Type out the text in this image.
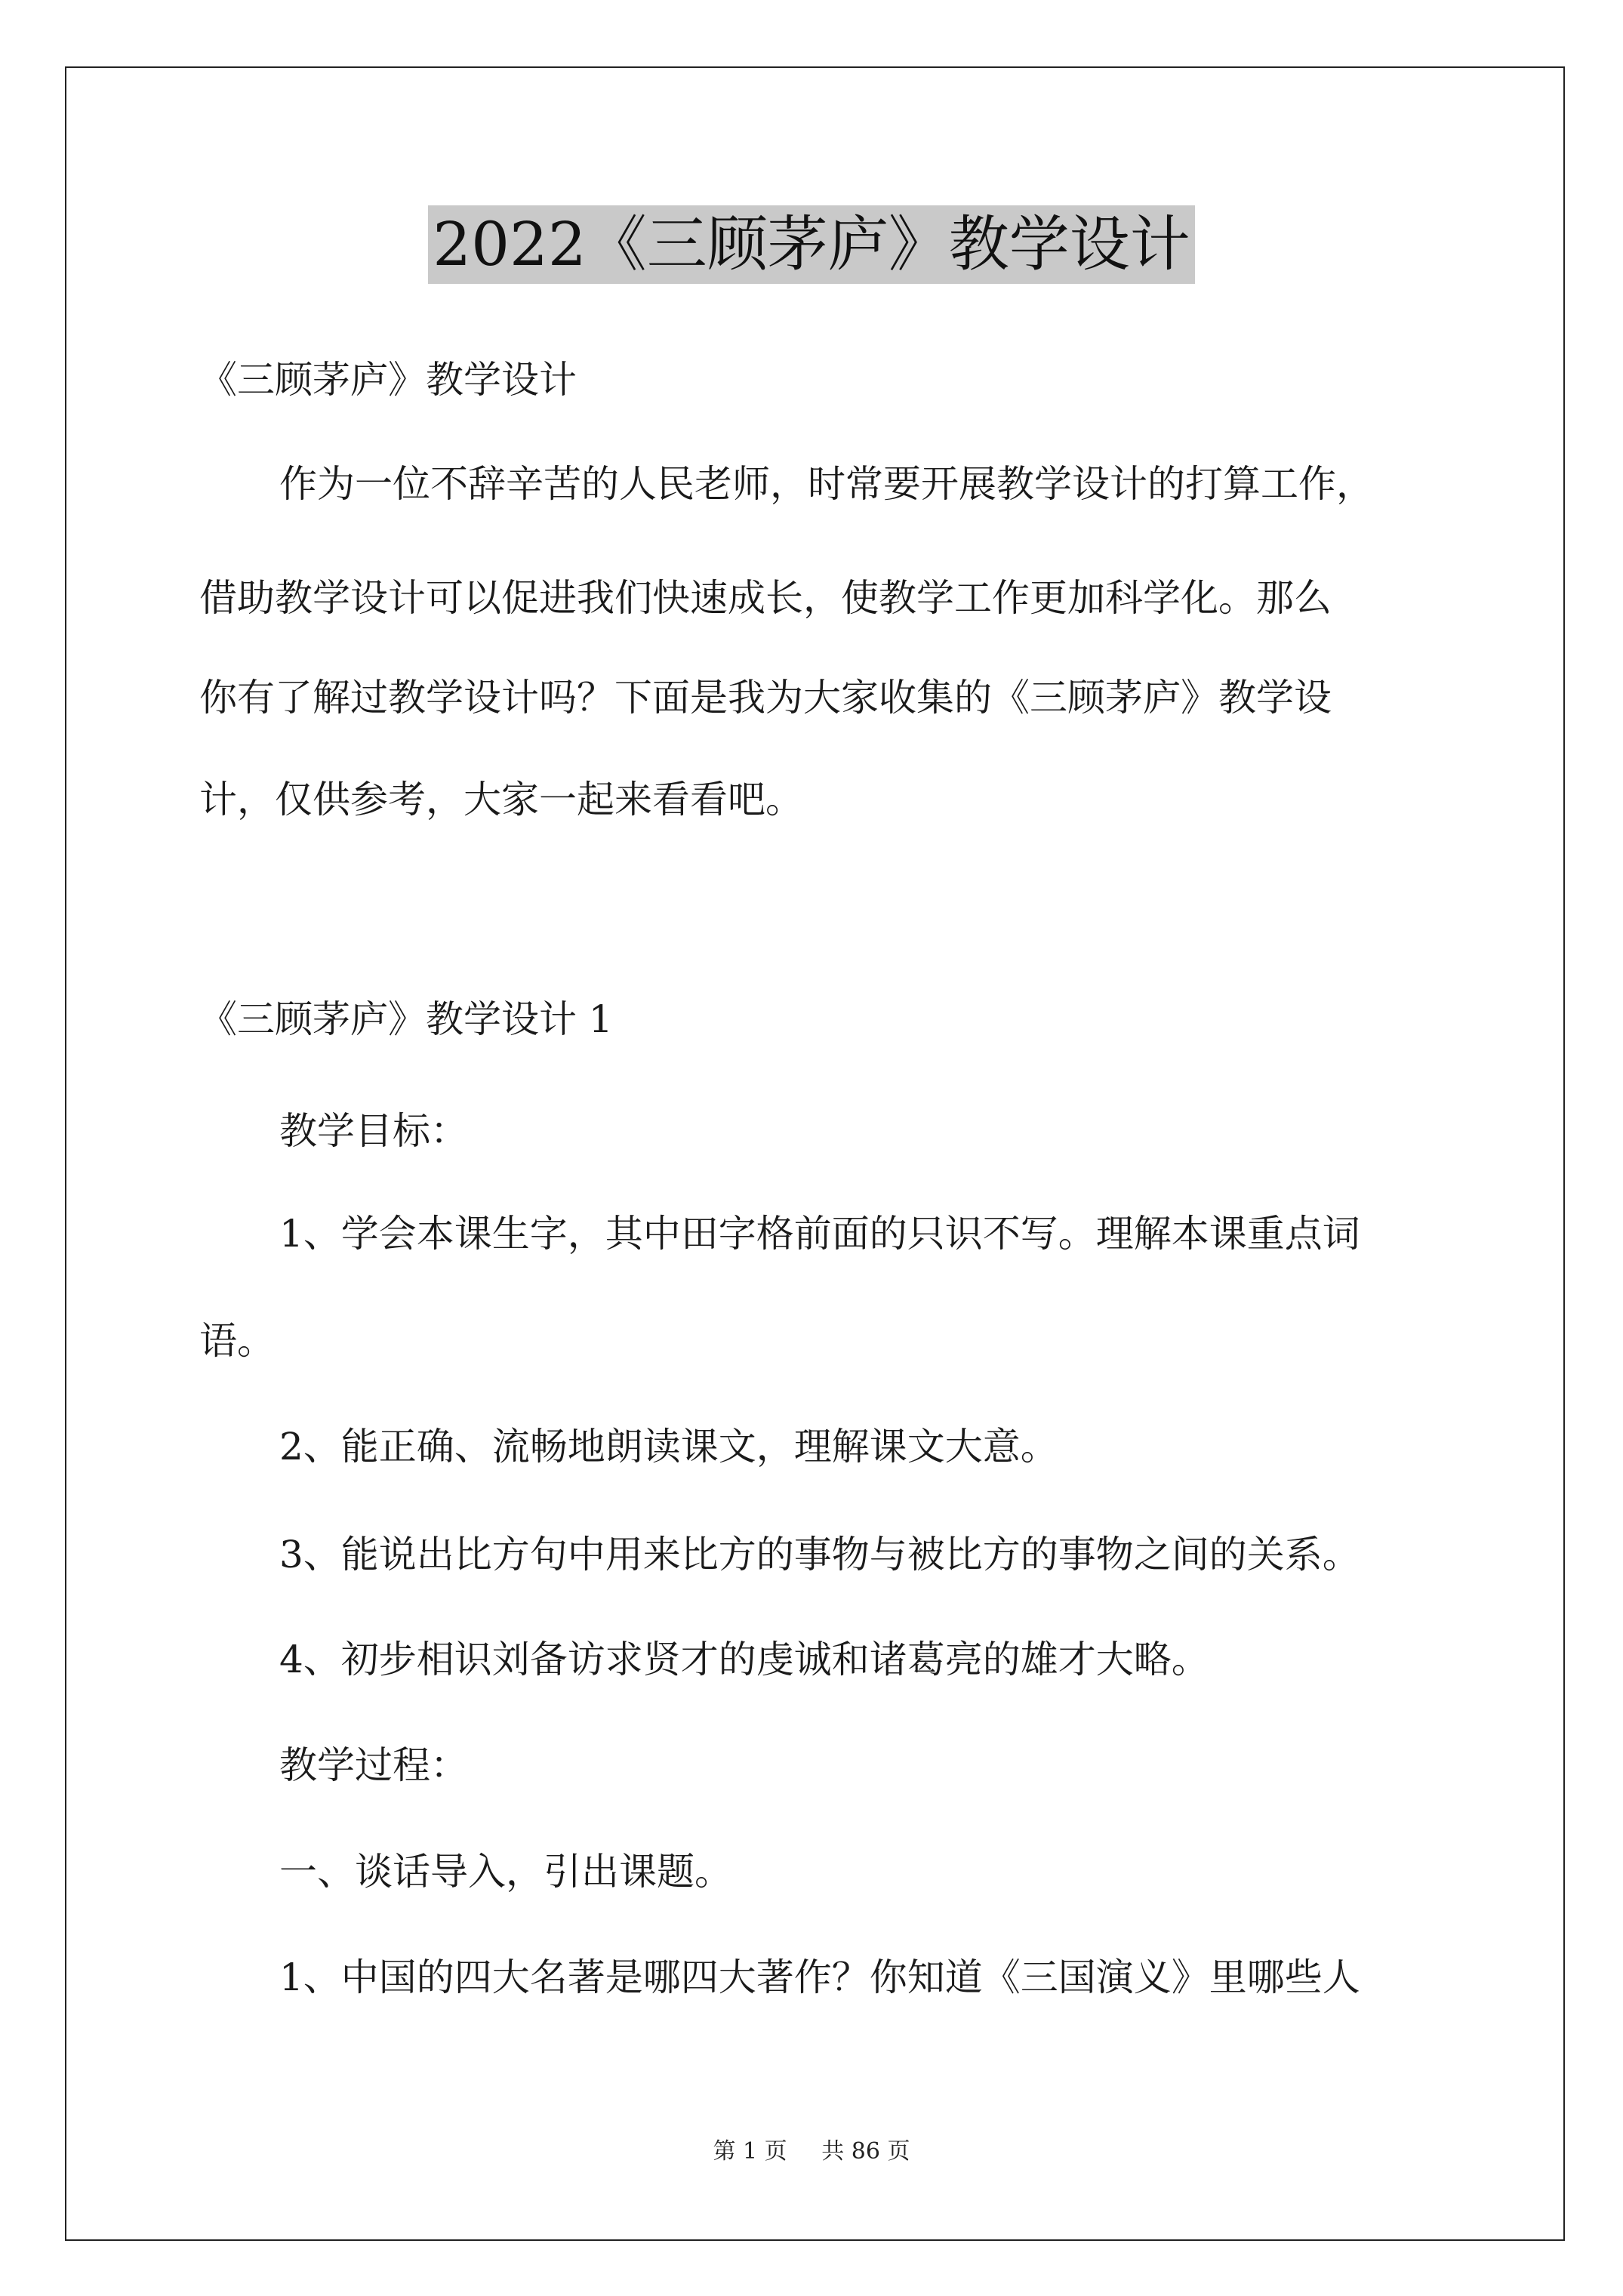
2022《三顾茅庐》教学设计
《三顾茅庐》教学设计
作为一位不辞辛苦的人民老师，时常要开展教学设计的打算工作，
借助教学设计可以促进我们快速成长，使教学工作更加科学化。那么
你有了解过教学设计吗？下面是我为大家收集的《三顾茅庐》教学设
计，仅供参考，大家一起来看看吧。
《三顾茅庐》教学设计 1
教学目标：
1、学会本课生字，其中田字格前面的只识不写。理解本课重点词
语。
2、能正确、流畅地朗读课文，理解课文大意。
3、能说出比方句中用来比方的事物与被比方的事物之间的关系。
4、初步相识刘备访求贤才的虔诚和诸葛亮的雄才大略。
教学过程：
一、谈话导入，引出课题。
1、中国的四大名著是哪四大著作？你知道《三国演义》里哪些人
第 1 页 共 86 页
